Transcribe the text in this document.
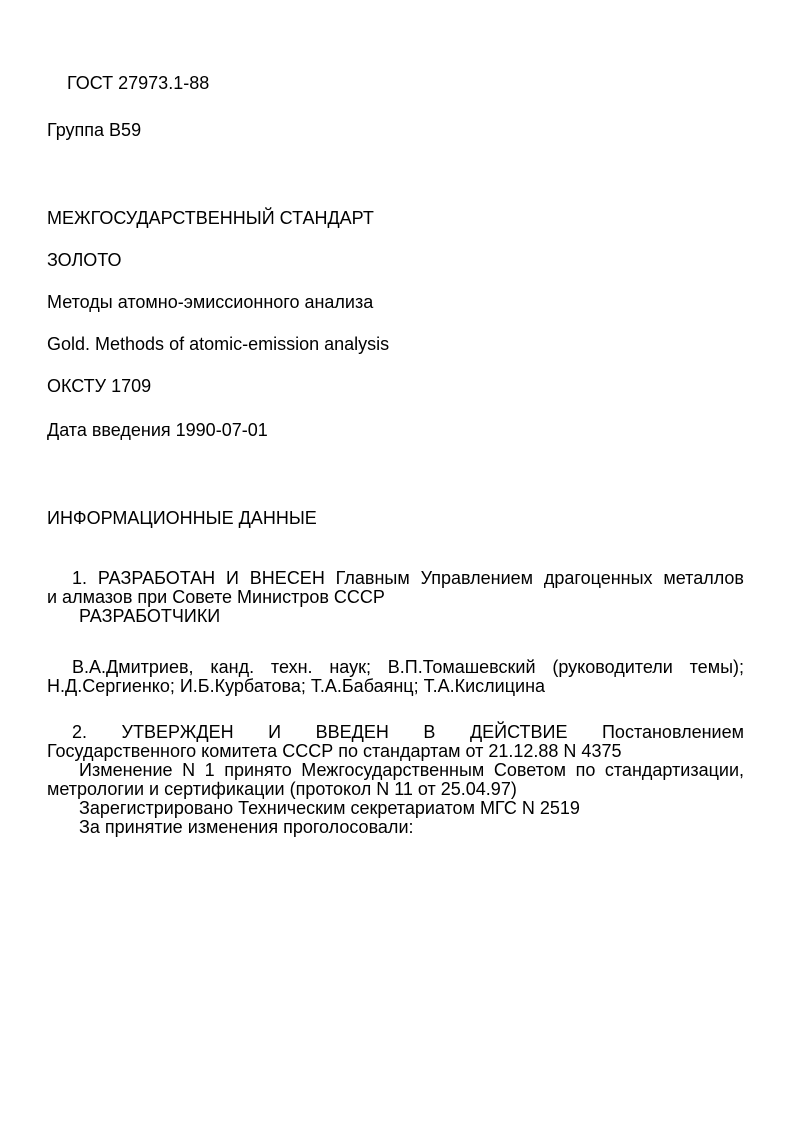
ГОСТ 27973.1-88
Группа В59
МЕЖГОСУДАРСТВЕННЫЙ СТАНДАРТ
ЗОЛОТО
Методы атомно-эмиссионного анализа
Gold. Methods of atomic-emission analysis
ОКСТУ 1709
Дата введения 1990-07-01
ИНФОРМАЦИОННЫЕ ДАННЫЕ

1. РАЗРАБОТАН И ВНЕСЕН Главным Управлением драгоценных металлов

и алмазов при Совете Министров СССР

РАЗРАБОТЧИКИ

В.А.Дмитриев, канд. техн. наук; В.П.Томашевский (руководители темы);

Н.Д.Сергиенко; И.Б.Курбатова; Т.А.Бабаянц; Т.А.Кислицина

2. УТВЕРЖДЕН И ВВЕДЕН В ДЕЙСТВИЕ Постановлением

Государственного комитета СССР по стандартам от 21.12.88 N 4375

Изменение N 1 принято Межгосударственным Советом по стандартизации,

метрологии и сертификации (протокол N 11 от 25.04.97)

Зарегистрировано Техническим секретариатом МГС N 2519

За принятие изменения проголосовали:
